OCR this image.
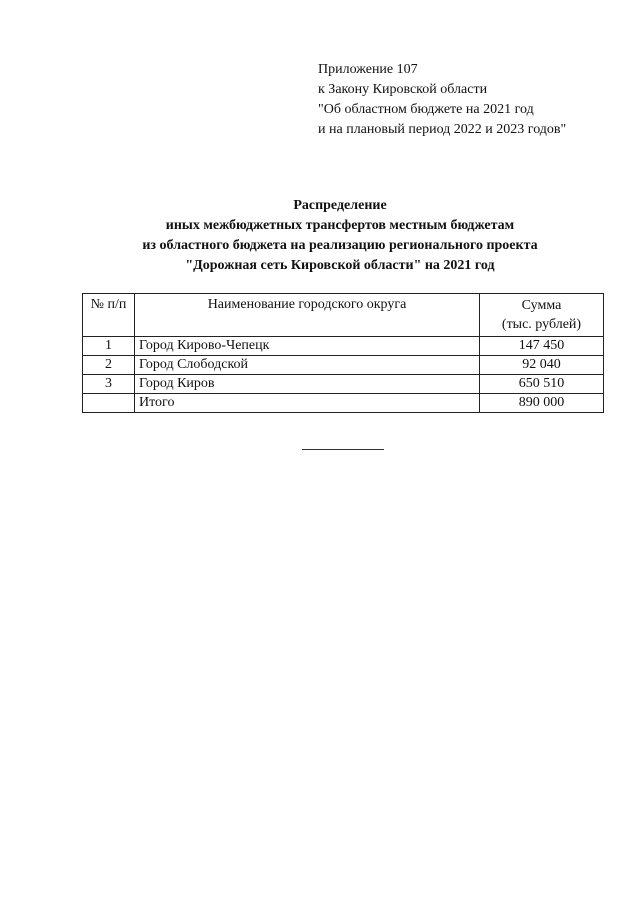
Приложение 107
к Закону Кировской области
"Об областном бюджете на 2021 год
и на плановый период 2022 и 2023 годов"
Распределение
иных межбюджетных трансфертов местным бюджетам
из областного бюджета на реализацию регионального проекта
"Дорожная сеть Кировской области" на 2021 год
№ п/п	Наименование городского округа	Сумма
(тыс. рублей)

1	Город Кирово-Чепецк	147 450
2	Город Слободской	92 040
3	Город Киров	650 510
	Итого	890 000
